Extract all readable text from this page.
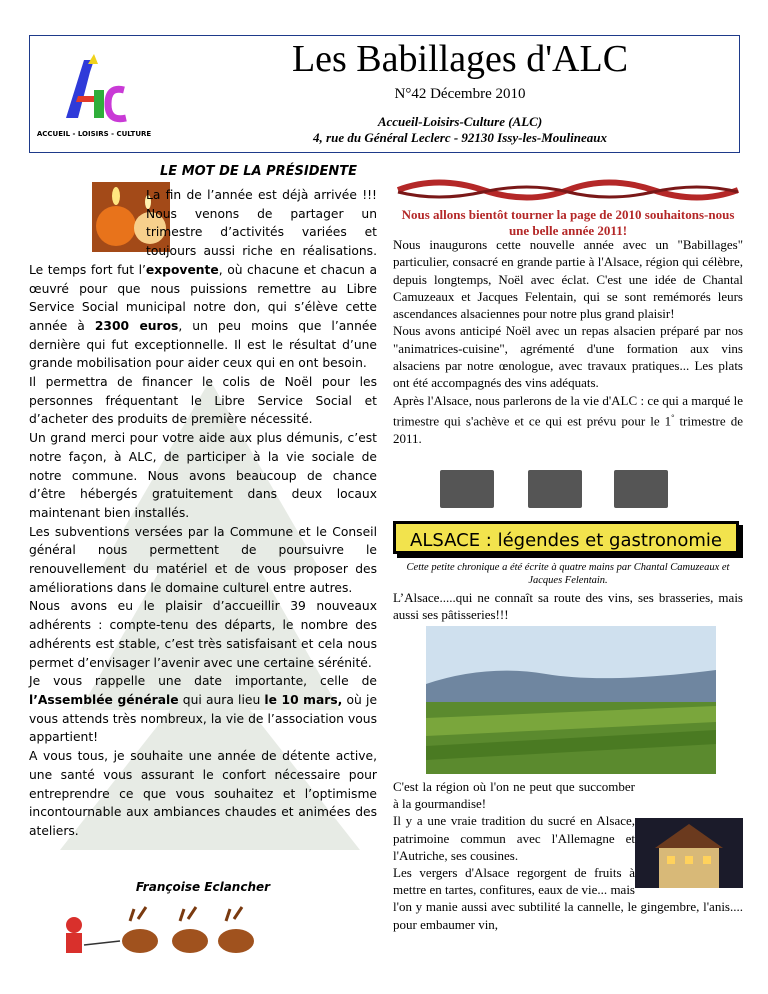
ACCUEIL - LOISIRS - CULTURE
Les Babillages d'ALC
N°42 Décembre 2010
Accueil-Loisirs-Culture (ALC)
4, rue du Général Leclerc - 92130 Issy-les-Moulineaux
LE MOT DE LA PRÉSIDENTE

La fin de l’année est déjà arrivée !!! Nous venons de partager un trimestre d’activités variées et toujours aussi riche en réalisations. Le temps fort fut l’expoventе, où chacune et chacun a œuvré pour que nous puissions remettre au Libre Service Social municipal notre don, qui s’élève cette année à 2300 euros, un peu moins que l’année dernière qui fut exceptionnelle. Il est le résultat d’une grande mobilisation pour aider ceux qui en ont besoin.

Il permettra de financer le colis de Noël pour les personnes fréquentant le Libre Service Social et d’acheter des produits de première nécessité.

Un grand merci pour votre aide aux plus démunis, c’est notre façon, à ALC, de participer à la vie sociale de notre commune. Nous avons beaucoup de chance d’être hébergés gratuitement dans deux locaux maintenant bien installés.

Les subventions versées par la Commune et le Conseil général nous permettent de poursuivre le renouvellement du matériel et de vous proposer des améliorations dans le domaine culturel entre autres.

Nous avons eu le plaisir d’accueillir 39 nouveaux adhérents : compte-tenu des départs, le nombre des adhérents est stable, c’est très satisfaisant et cela nous permet d’envisager l’avenir avec une certaine sérénité.

Je vous rappelle une date importante, celle de l’Assemblée générale qui aura lieu le 10 mars, où je vous attends très nombreux, la vie de l’association vous appartient!

A vous tous, je souhaite une année de détente active, une santé vous assurant le confort nécessaire pour entreprendre ce que vous souhaitez et l’optimisme incontournable aux ambiances chaudes et animées des ateliers.

Françoise Eclancher
Nous allons bientôt tourner la page de 2010 souhaitons-nous une belle année 2011!

Nous inaugurons cette nouvelle année avec un "Babillages" particulier, consacré en grande partie à l'Alsace, région qui célèbre, depuis longtemps, Noël avec éclat. C'est une idée de Chantal Camuzeaux et Jacques Felentain, qui se sont remémorés leurs ascendances alsaciennes pour notre plus grand plaisir!

Nous avons anticipé Noël avec un repas alsacien préparé par nos "animatrices-cuisine", agrémenté d'une formation aux vins alsaciens par notre œnologue, avec travaux pratiques... Les plats ont été accompagnés des vins adéquats.

Après l'Alsace, nous parlerons de la vie d'ALC : ce qui a marqué le trimestre qui s'achève et ce qui est prévu pour le 1° trimestre de 2011.

ALSACE : légendes et gastronomie
Cette petite chronique a été écrite à quatre mains par Chantal Camuzeaux et Jacques Felentain.
L’Alsace.....qui ne connaît sa route des vins, ses brasseries, mais aussi ses pâtisseries!!!

C'est la région où l'on ne peut que succomber à la gourmandise!

Il y a une vraie tradition du sucré en Alsace, patrimoine commun avec l'Allemagne et l'Autriche, ses cousines.

Les vergers d'Alsace regorgent de fruits à mettre en tartes, confitures, eaux de vie... mais l'on y manie aussi avec subtilité la cannelle, le gingembre, l'anis.... pour embaumer vin,
